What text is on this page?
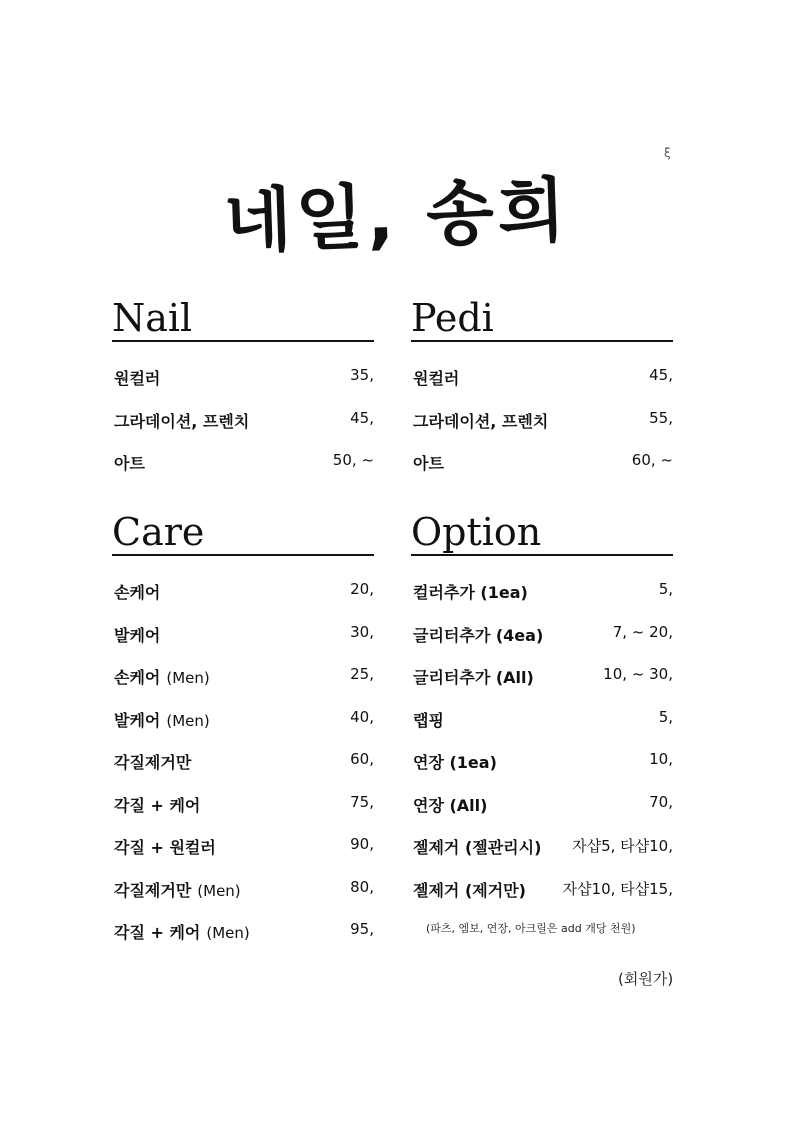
네일, 송희
ξ
Nail
원컬러	35,
그라데이션, 프렌치	45,
아트	50, ~
Pedi
원컬러	45,
그라데이션, 프렌치	55,
아트	60, ~
Care
손케어	20,
발케어	30,
손케어 (Men)	25,
발케어 (Men)	40,
각질제거만	60,
각질 + 케어	75,
각질 + 원컬러	90,
각질제거만 (Men)	80,
각질 + 케어 (Men)	95,
Option
컬러추가 (1ea)	5,
글리터추가 (4ea)	7, ~ 20,
글리터추가 (All)	10, ~ 30,
랩핑	5,
연장 (1ea)	10,
연장 (All)	70,
젤제거 (젤관리시) 자샵5, 타샵10,
젤제거 (제거만) 자샵10, 타샵15,
(파츠, 엠보, 연장, 아크릴은 add 개당 천원)
(회원가)
